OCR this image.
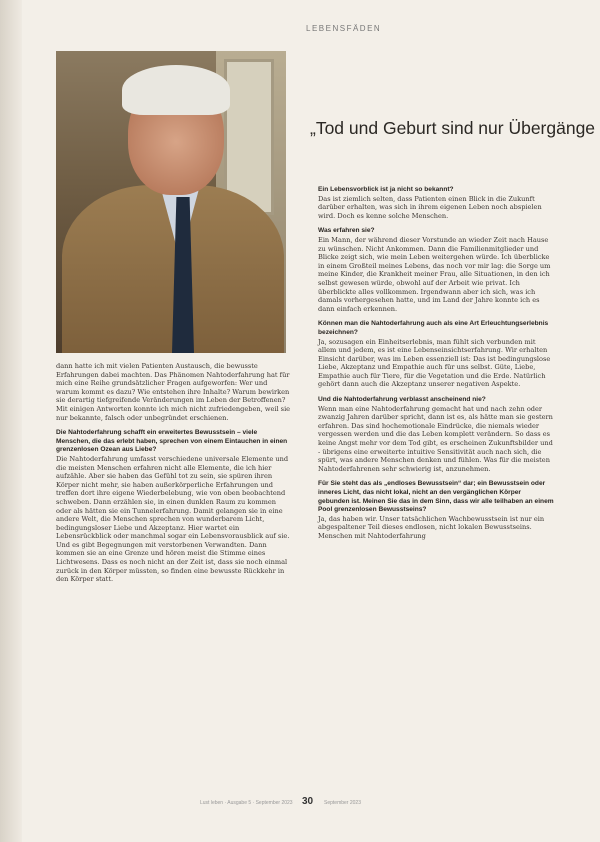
LEBENSFÄDEN
„Tod und Geburt sind nur Übergänge

dann hatte ich mit vielen Patienten Austausch, die bewusste Erfahrungen dabei machten. Das Phänomen Nahtoderfahrung hat für mich eine Reihe grundsätzlicher Fragen aufgeworfen: Wer und warum kommt es dazu? Wie entstehen ihre Inhalte? Warum bewirken sie derartig tiefgreifende Veränderungen im Leben der Betroffenen? Mit einigen Antworten konnte ich mich nicht zufriedengeben, weil sie nur bekannte, falsch oder unbegründet erschienen.

Die Nahtoderfahrung schafft ein erweitertes Bewusstsein – viele Menschen, die das erlebt haben, sprechen von einem Eintauchen in einen grenzenlosen Ozean aus Liebe?

Die Nahtoderfahrung umfasst verschiedene universale Elemente und die meisten Menschen erfahren nicht alle Elemente, die ich hier aufzähle. Aber sie haben das Gefühl tot zu sein, sie spüren ihren Körper nicht mehr, sie haben außerkörperliche Erfahrungen und treffen dort ihre eigene Wiederbelebung, wie von oben beobachtend schweben. Dann erzählen sie, in einen dunklen Raum zu kommen oder als hätten sie ein Tunnelerfahrung. Damit gelangen sie in eine andere Welt, die Menschen sprechen von wunderbarem Licht, bedingungsloser Liebe und Akzeptanz. Hier wartet ein Lebensrückblick oder manchmal sogar ein Lebensvorausblick auf sie. Und es gibt Begegnungen mit verstorbenen Verwandten. Dann kommen sie an eine Grenze und hören meist die Stimme eines Lichtwesens. Dass es noch nicht an der Zeit ist, dass sie noch einmal zurück in den Körper müssten, so finden eine bewusste Rückkehr in den Körper statt.

Ein Lebensvorblick ist ja nicht so bekannt?

Das ist ziemlich selten, dass Patienten einen Blick in die Zukunft darüber erhalten, was sich in ihrem eigenen Leben noch abspielen wird. Doch es kenne solche Menschen.

Was erfahren sie?

Ein Mann, der während dieser Vorstunde an wieder Zeit nach Hause zu wünschen. Nicht Ankommen. Dann die Familienmitglieder und Blicke zeigt sich, wie mein Leben weitergehen würde. Ich überblicke in einem Großteil meines Lebens, das noch vor mir lag: die Sorge um meine Kinder, die Krankheit meiner Frau, alle Situationen, in den ich selbst gewesen würde, obwohl auf der Arbeit wie privat. Ich überblickte alles vollkommen. Irgendwann aber ich sich, was ich damals vorhergesehen hatte, und im Land der Jahre konnte ich es dann einfach erkennen.

Können man die Nahtoderfahrung auch als eine Art Erleuchtungserlebnis bezeichnen?

Ja, sozusagen ein Einheitserlebnis, man fühlt sich verbunden mit allem und jedem, es ist eine Lebenseinsichtserfahrung. Wir erhalten Einsicht darüber, was im Leben essenziell ist: Das ist bedingungslose Liebe, Akzeptanz und Empathie auch für uns selbst. Güte, Liebe, Empathie auch für Tiere, für die Vegetation und die Erde. Natürlich gehört dann auch die Akzeptanz unserer negativen Aspekte.

Und die Nahtoderfahrung verblasst anscheinend nie?

Wenn man eine Nahtoderfahrung gemacht hat und nach zehn oder zwanzig Jahren darüber spricht, dann ist es, als hätte man sie gestern erfahren. Das sind hochemotionale Eindrücke, die niemals wieder vergessen werden und die das Leben komplett verändern. So dass es keine Angst mehr vor dem Tod gibt, es erscheinen Zukunftsbilder und - übrigens eine erweiterte intuitive Sensitivität auch nach sich, die spürt, was andere Menschen denken und fühlen. Was für die meisten Nahtoderfahrenen sehr schwierig ist, anzunehmen.

Für Sie steht das als „endloses Bewusstsein“ dar; ein Bewusstsein oder inneres Licht, das nicht lokal, nicht an den vergänglichen Körper gebunden ist. Meinen Sie das in dem Sinn, dass wir alle teilhaben an einem Pool grenzenlosen Bewusstseins?

Ja, das haben wir. Unser tatsächlichen Wachbewusstsein ist nur ein abgespaltener Teil dieses endlosen, nicht lokalen Bewusstseins. Menschen mit Nahtoderfahrung

Lust leben · Ausgabe 5 · September 2023 30 September 2023
